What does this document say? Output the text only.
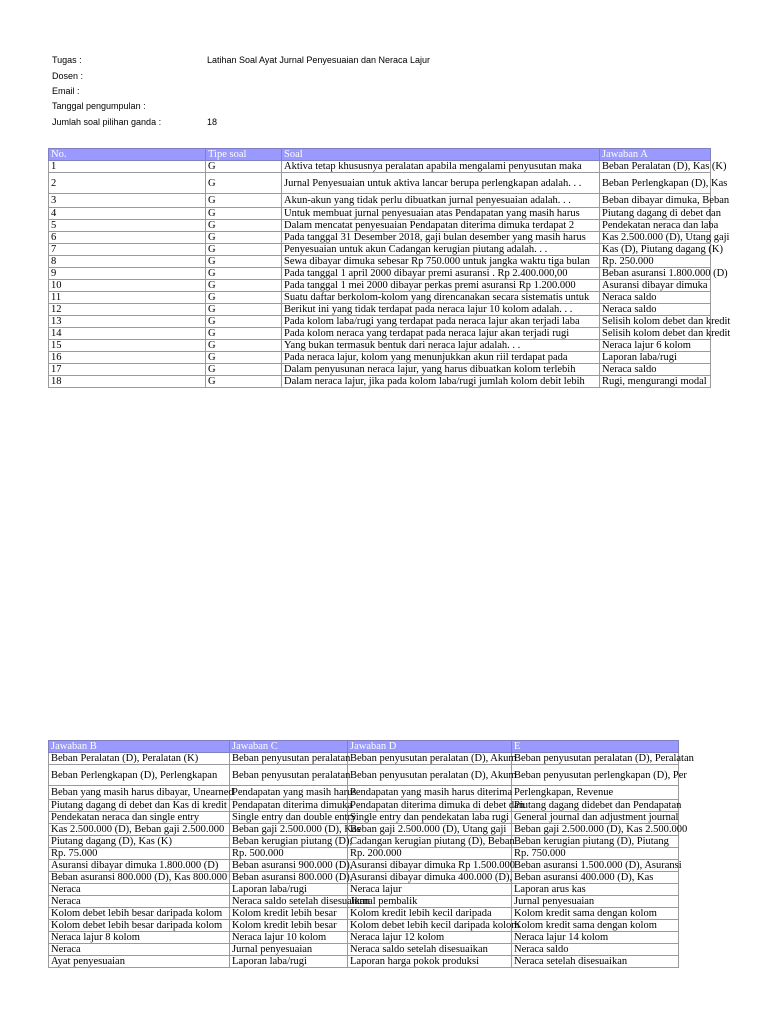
Tugas :	Latihan Soal Ayat Jurnal Penyesuaian dan Neraca Lajur
Dosen :
Email :
Tanggal pengumpulan :
Jumlah soal pilihan ganda :	18
No.	Tipe soal	Soal	Jawaban A
1	G	Aktiva tetap khususnya peralatan apabila mengalami penyusutan maka	Beban Peralatan (D), Kas (K)
2	G	Jurnal Penyesuaian untuk aktiva lancar berupa perlengkapan adalah. . .	Beban Perlengkapan (D), Kas
3	G	Akun-akun yang tidak perlu dibuatkan jurnal penyesuaian adalah. . .	Beban dibayar dimuka, Beban
4	G	Untuk membuat jurnal penyesuaian atas Pendapatan yang masih harus	Piutang dagang di debet dan
5	G	Dalam mencatat penyesuaian Pendapatan diterima dimuka terdapat 2	Pendekatan neraca dan laba
6	G	Pada tanggal 31 Desember 2018, gaji bulan desember yang masih harus	Kas 2.500.000 (D), Utang gaji
7	G	Penyesuaian untuk akun Cadangan kerugian piutang adalah. . .	Kas (D), Piutang dagang (K)
8	G	Sewa dibayar dimuka sebesar Rp 750.000 untuk jangka waktu tiga bulan	Rp. 250.000
9	G	Pada tanggal 1 april 2000 dibayar premi asuransi . Rp 2.400.000,00	Beban asuransi 1.800.000 (D)
10	G	Pada tanggal 1 mei 2000 dibayar perkas premi asuransi Rp 1.200.000	Asuransi dibayar dimuka
11	G	Suatu daftar berkolom-kolom yang direncanakan secara sistematis untuk	Neraca saldo
12	G	Berikut ini yang tidak terdapat pada neraca lajur 10 kolom adalah. . .	Neraca saldo
13	G	Pada kolom laba/rugi yang terdapat pada neraca lajur akan terjadi laba	Selisih kolom debet dan kredit
14	G	Pada kolom neraca yang terdapat pada neraca lajur akan terjadi rugi	Selisih kolom debet dan kredit
15	G	Yang bukan termasuk bentuk dari neraca lajur adalah. . .	Neraca lajur 6 kolom
16	G	Pada neraca lajur, kolom yang menunjukkan akun riil terdapat pada	Laporan laba/rugi
17	G	Dalam penyusunan neraca lajur, yang harus dibuatkan kolom terlebih	Neraca saldo
18	G	Dalam neraca lajur, jika pada kolom laba/rugi jumlah kolom debit lebih	Rugi, mengurangi modal
Jawaban B	Jawaban C	Jawaban D	E
Beban Peralatan (D), Peralatan (K)	Beban penyusutan peralatan	Beban penyusutan peralatan (D), Akum	Beban penyusutan peralatan (D), Peralatan
Beban Perlengkapan (D), Perlengkapan	Beban penyusutan peralatan	Beban penyusutan peralatan (D), Akum	Beban penyusutan perlengkapan (D), Per
Beban yang masih harus dibayar, Unearned	Pendapatan yang masih harus	Pendapatan yang masih harus diterima	Perlengkapan, Revenue
Piutang dagang di debet dan Kas di kredit	Pendapatan diterima dimuka	Pendapatan diterima dimuka di debet dan	Piutang dagang didebet dan Pendapatan
Pendekatan neraca dan single entry	Single entry dan double entry	Single entry dan pendekatan laba rugi	General journal dan adjustment journal
Kas 2.500.000 (D), Beban gaji 2.500.000	Beban gaji 2.500.000 (D), Kas	Beban gaji 2.500.000 (D), Utang gaji	Beban gaji 2.500.000 (D), Kas 2.500.000
Piutang dagang (D), Kas (K)	Beban kerugian piutang (D),	Cadangan kerugian piutang (D), Beban	Beban kerugian piutang (D), Piutang
Rp. 75.000	Rp. 500.000	Rp. 200.000	Rp. 750.000
Asuransi dibayar dimuka 1.800.000 (D)	Beban asuransi 900.000 (D),	Asuransi dibayar dimuka Rp 1.500.000	Beban asuransi 1.500.000 (D), Asuransi
Beban asuransi 800.000 (D), Kas 800.000	Beban asuransi 800.000 (D),	Asuransi dibayar dimuka 400.000 (D),	Beban asuransi 400.000 (D), Kas
Neraca	Laporan laba/rugi	Neraca lajur	Laporan arus kas
Neraca	Neraca saldo setelah disesuaikan	Jurnal pembalik	Jurnal penyesuaian
Kolom debet lebih besar daripada kolom	Kolom kredit lebih besar	Kolom kredit lebih kecil daripada	Kolom kredit sama dengan kolom
Kolom debet lebih besar daripada kolom	Kolom kredit lebih besar	Kolom debet lebih kecil daripada kolom	Kolom kredit sama dengan kolom
Neraca lajur 8 kolom	Neraca lajur 10 kolom	Neraca lajur 12 kolom	Neraca lajur 14 kolom
Neraca	Jurnal penyesuaian	Neraca saldo setelah disesuaikan	Neraca saldo
Ayat penyesuaian	Laporan laba/rugi	Laporan harga pokok produksi	Neraca setelah disesuaikan
